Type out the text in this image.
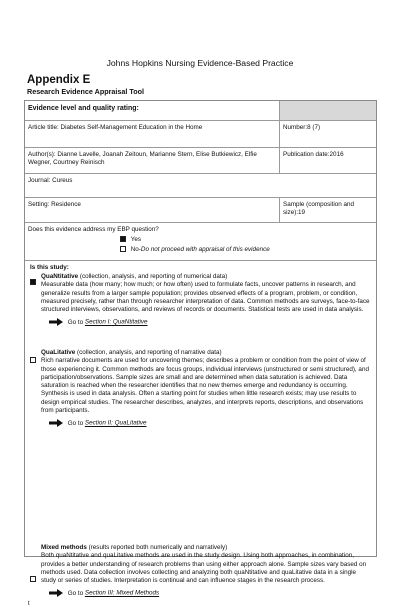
Johns Hopkins Nursing Evidence-Based Practice
Appendix E
Research Evidence Appraisal Tool
Evidence level and quality rating:
Article title: Diabetes Self-Management Education in the Home	Number:8 (7)
Author(s): Dianne Lavelle, Joanah Zeitoun, Marianne Stern, Elise Butkiewicz, Elfie Wegner, Courtney Reinisch
Publication date:2016
Journal: Cureus
Setting: Residence	Sample (composition and size):19
Does this evidence address my EBP question?
Yes
No-Do not proceed with appraisal of this evidence
Is this study:
QuaNtitative (collection, analysis, and reporting of numerical data)
Measurable data (how many; how much; or how often) used to formulate facts, uncover patterns in research, and generalize results from a larger sample population; provides observed effects of a program, problem, or condition, measured precisely, rather than through researcher interpretation of data. Common methods are surveys, face-to-face structured interviews, observations, and reviews of records or documents. Statistical tests are used in data analysis.
Go to Section I: QuaNtitative
QuaLitative (collection, analysis, and reporting of narrative data)
Rich narrative documents are used for uncovering themes; describes a problem or condition from the point of view of those experiencing it. Common methods are focus groups, individual interviews (unstructured or semi structured), and participation/observations. Sample sizes are small and are determined when data saturation is achieved. Data saturation is reached when the researcher identifies that no new themes emerge and redundancy is occurring. Synthesis is used in data analysis. Often a starting point for studies when little research exists; may use results to design empirical studies. The researcher describes, analyzes, and interprets reports, descriptions, and observations from participants.
Go to Section II: QuaLitative
t
Mixed methods (results reported both numerically and narratively)
Both quaNtitative and quaLitative methods are used in the study design. Using both approaches, in combination, provides a better understanding of research problems than using either approach alone. Sample sizes vary based on methods used. Data collection involves collecting and analyzing both quaNtitative and quaLitative data in a single study or series of studies. Interpretation is continual and can influence stages in the research process.
Go to Section III: Mixed Methods
